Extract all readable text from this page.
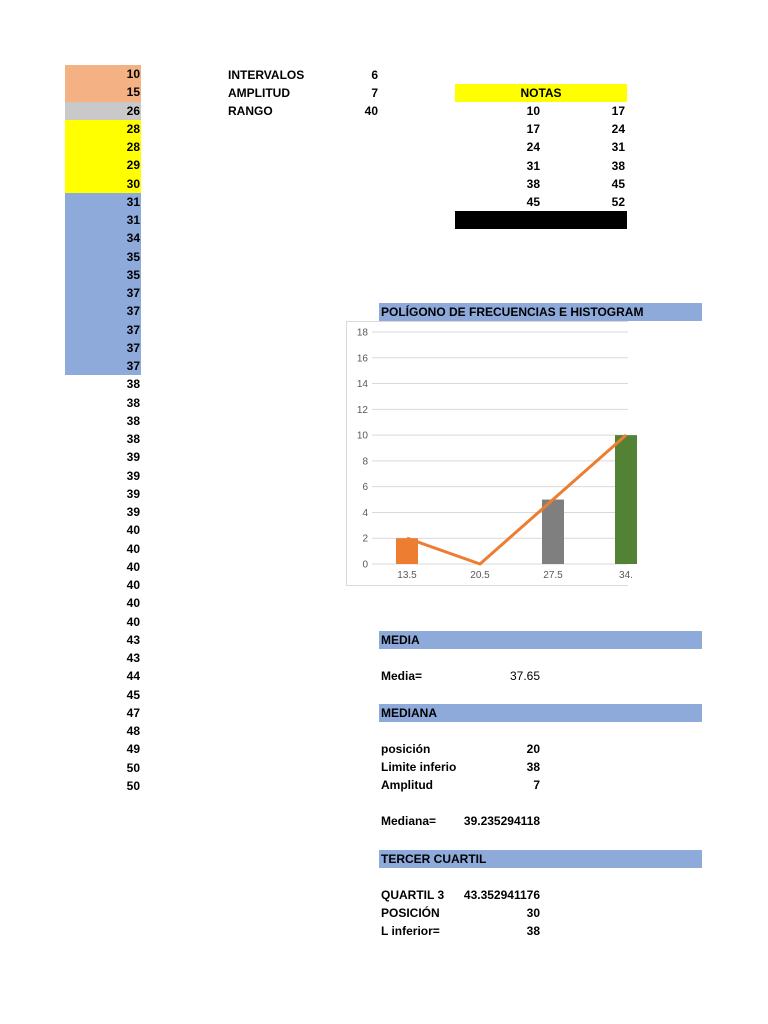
10
15
26
28
28
29
30
31
31
34
35
35
37
37
37
37
37
38
38
38
38
39
39
39
39
40
40
40
40
40
40
43
43
44
45
47
48
49
50
50
INTERVALOS	6
AMPLITUD	7
RANGO	40
NOTAS
10	17
17	24
24	31
31	38
38	45
45	52
POLÍGONO DE FRECUENCIAS E HISTOGRAM
0
2
4
6
8
10
12
14
16
18
13.5	20.5	27.5	34.
MEDIA
Media=	37.65
MEDIANA
posición	20
Limite inferio	38
Amplitud	7
Mediana=	39.235294118
TERCER CUARTIL
QUARTIL 3	43.352941176
POSICIÓN	30
L inferior=	38
